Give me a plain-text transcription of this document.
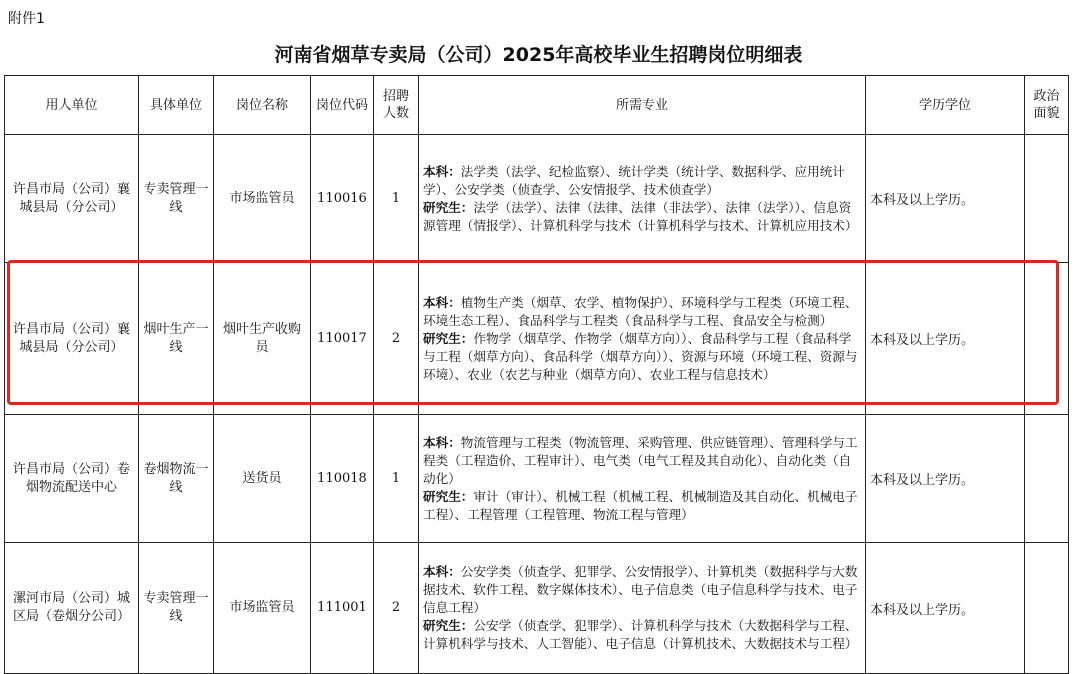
附件1
河南省烟草专卖局（公司）2025年高校毕业生招聘岗位明细表
用人单位	具体单位	岗位名称	岗位代码	招聘人数	所需专业	学历学位	政治面貌
许昌市局（公司）襄城县局（分公司）	专卖管理一线	市场监管员	110016	1	本科：法学类（法学、纪检监察）、统计学类（统计学、数据科学、应用统计学）、公安学类（侦查学、公安情报学、技术侦查学）
研究生：法学（法学）、法律（法律、法律（非法学）、法律（法学））、信息资源管理（情报学）、计算机科学与技术（计算机科学与技术、计算机应用技术）	本科及以上学历。	
许昌市局（公司）襄城县局（分公司）	烟叶生产一线	烟叶生产收购员	110017	2	本科：植物生产类（烟草、农学、植物保护）、环境科学与工程类（环境工程、环境生态工程）、食品科学与工程类（食品科学与工程、食品安全与检测）
研究生：作物学（烟草学、作物学（烟草方向））、食品科学与工程（食品科学与工程（烟草方向）、食品科学（烟草方向））、资源与环境（环境工程、资源与环境）、农业（农艺与种业（烟草方向）、农业工程与信息技术）	本科及以上学历。	
许昌市局（公司）卷烟物流配送中心	卷烟物流一线	送货员	110018	1	本科：物流管理与工程类（物流管理、采购管理、供应链管理）、管理科学与工程类（工程造价、工程审计）、电气类（电气工程及其自动化）、自动化类（自动化）
研究生：审计（审计）、机械工程（机械工程、机械制造及其自动化、机械电子工程）、工程管理（工程管理、物流工程与管理）	本科及以上学历。	
漯河市局（公司）城区局（卷烟分公司）	专卖管理一线	市场监管员	111001	2	本科：公安学类（侦查学、犯罪学、公安情报学）、计算机类（数据科学与大数据技术、软件工程、数字媒体技术）、电子信息类（电子信息科学与技术、电子信息工程）
研究生：公安学（侦查学、犯罪学）、计算机科学与技术（大数据科学与工程、计算机科学与技术、人工智能）、电子信息（计算机技术、大数据技术与工程）	本科及以上学历。	
